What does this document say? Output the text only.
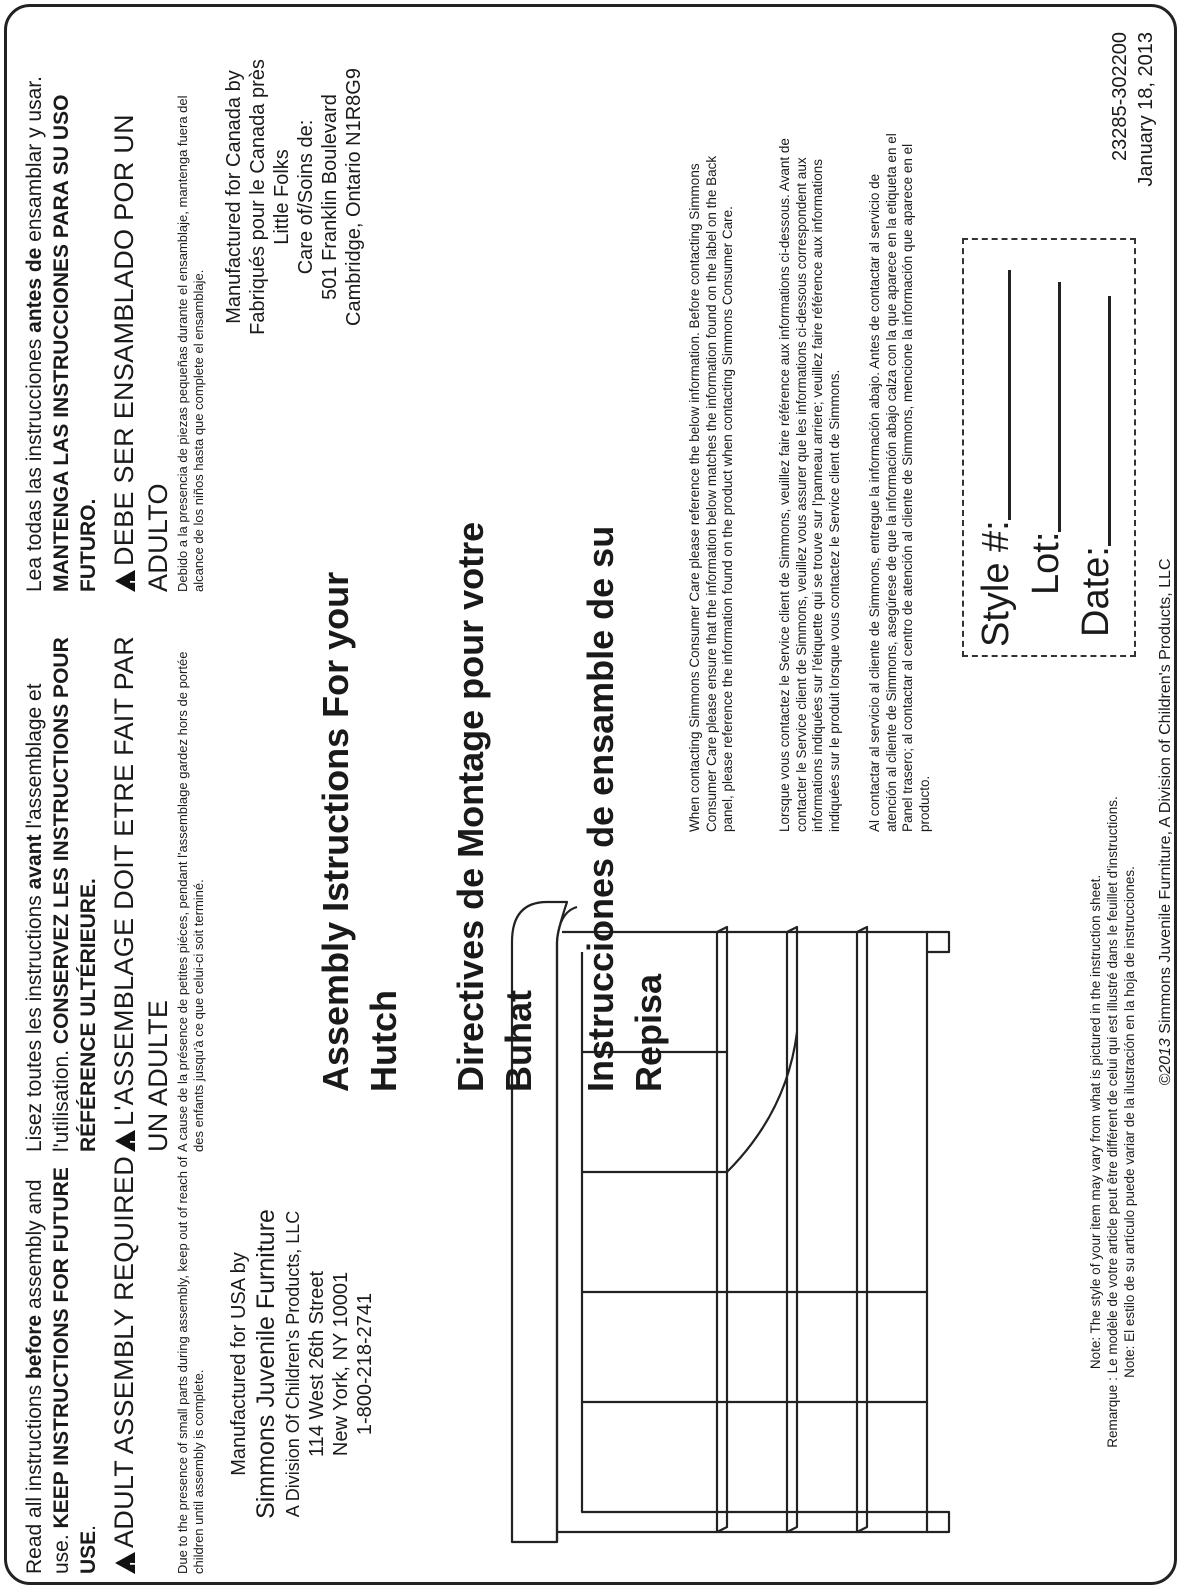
Read all instructions before assembly and use. KEEP INSTRUCTIONS FOR FUTURE USE.
! ADULT ASSEMBLY REQUIRED	Due to the presence of small parts during assembly, keep out of reach of children until assembly is complete. Manufactured for USA by Simmons Juvenile Furniture A Division Of Children's Products, LLC 114 West 26th Street New York, NY 10001 1-800-218-2741
Lisez toutes les instructions avant l'assemblage et l'utilisation. CONSERVEZ LES INSTRUCTIONS POUR RÉFÉRENCE ULTÉRIEURE.
! L'ASSEMBLAGE DOIT ETRE FAIT PAR UN ADULTE A cause de la présence de petites piéces, pendant l'assemblage gardez hors de portée des enfants jusqu'à ce que celui-ci soit terminé.
Lea todas las instrucciones antes de ensamblar y usar. MANTENGA LAS INSTRUCCIONES PARA SU USO FUTURO.
! DEBE SER ENSAMBLADO POR UN ADULTO Debido a la presencia de piezas pequeñas durante el ensamblaje, mantenga fuera del alcance de los niños hasta que complete el ensamblaje.
Manufactured for Canada by Fabriqués pour le Canada près Little Folks Care of/Soins de: 501 Franklin Boulevard Cambridge, Ontario N1R8G9
Assembly Istructions For your Hutch Directives de Montage pour votre Buhat Instrucciones de ensamble de su Repisa
When contacting Simmons Consumer Care please reference the below information. Before contacting Simmons Consumer Care please ensure that the information below matches the information found on the label on the Back panel, please reference the information found on the product when contacting Simmons Consumer Care.	Lorsque vous contactez le Service client de Simmons, veuillez faire référence aux informations ci-dessous. Avant de contacter le Service client de Simmons, veuillez vous assurer que les informations ci-dessous correspondent aux informations indiquées sur l'étiquette qui se trouve sur l'panneau arriere; veuillez faire référence aux informations indiquées sur le produit lorsque vous contactez le Service client de Simmons. Al contactar al servicio al cliente de Simmons, entregue la información abajo. Antes de contactar al servicio de atención al cliente de Simmons, asegúrese de que la información abajo calza con la que aparece en la etiqueta en el Panel trasero; al contactar al centro de atención al cliente de Simmons, mencione la información que aparece en el producto.
Style #: Lot: Date:
Note: The style of your item may vary from what is pictured in the instruction sheet. Remarque : Le modèle de votre article peut être différent de celui qui est illustré dans le feuillet d'instructions. Note: El estilo de su artículo puede variar de la ilustración en la hoja de instrucciones. ©2013 Simmons Juvenile Furniture, A Division of Children's Products, LLC
23285-302200 January 18, 2013
